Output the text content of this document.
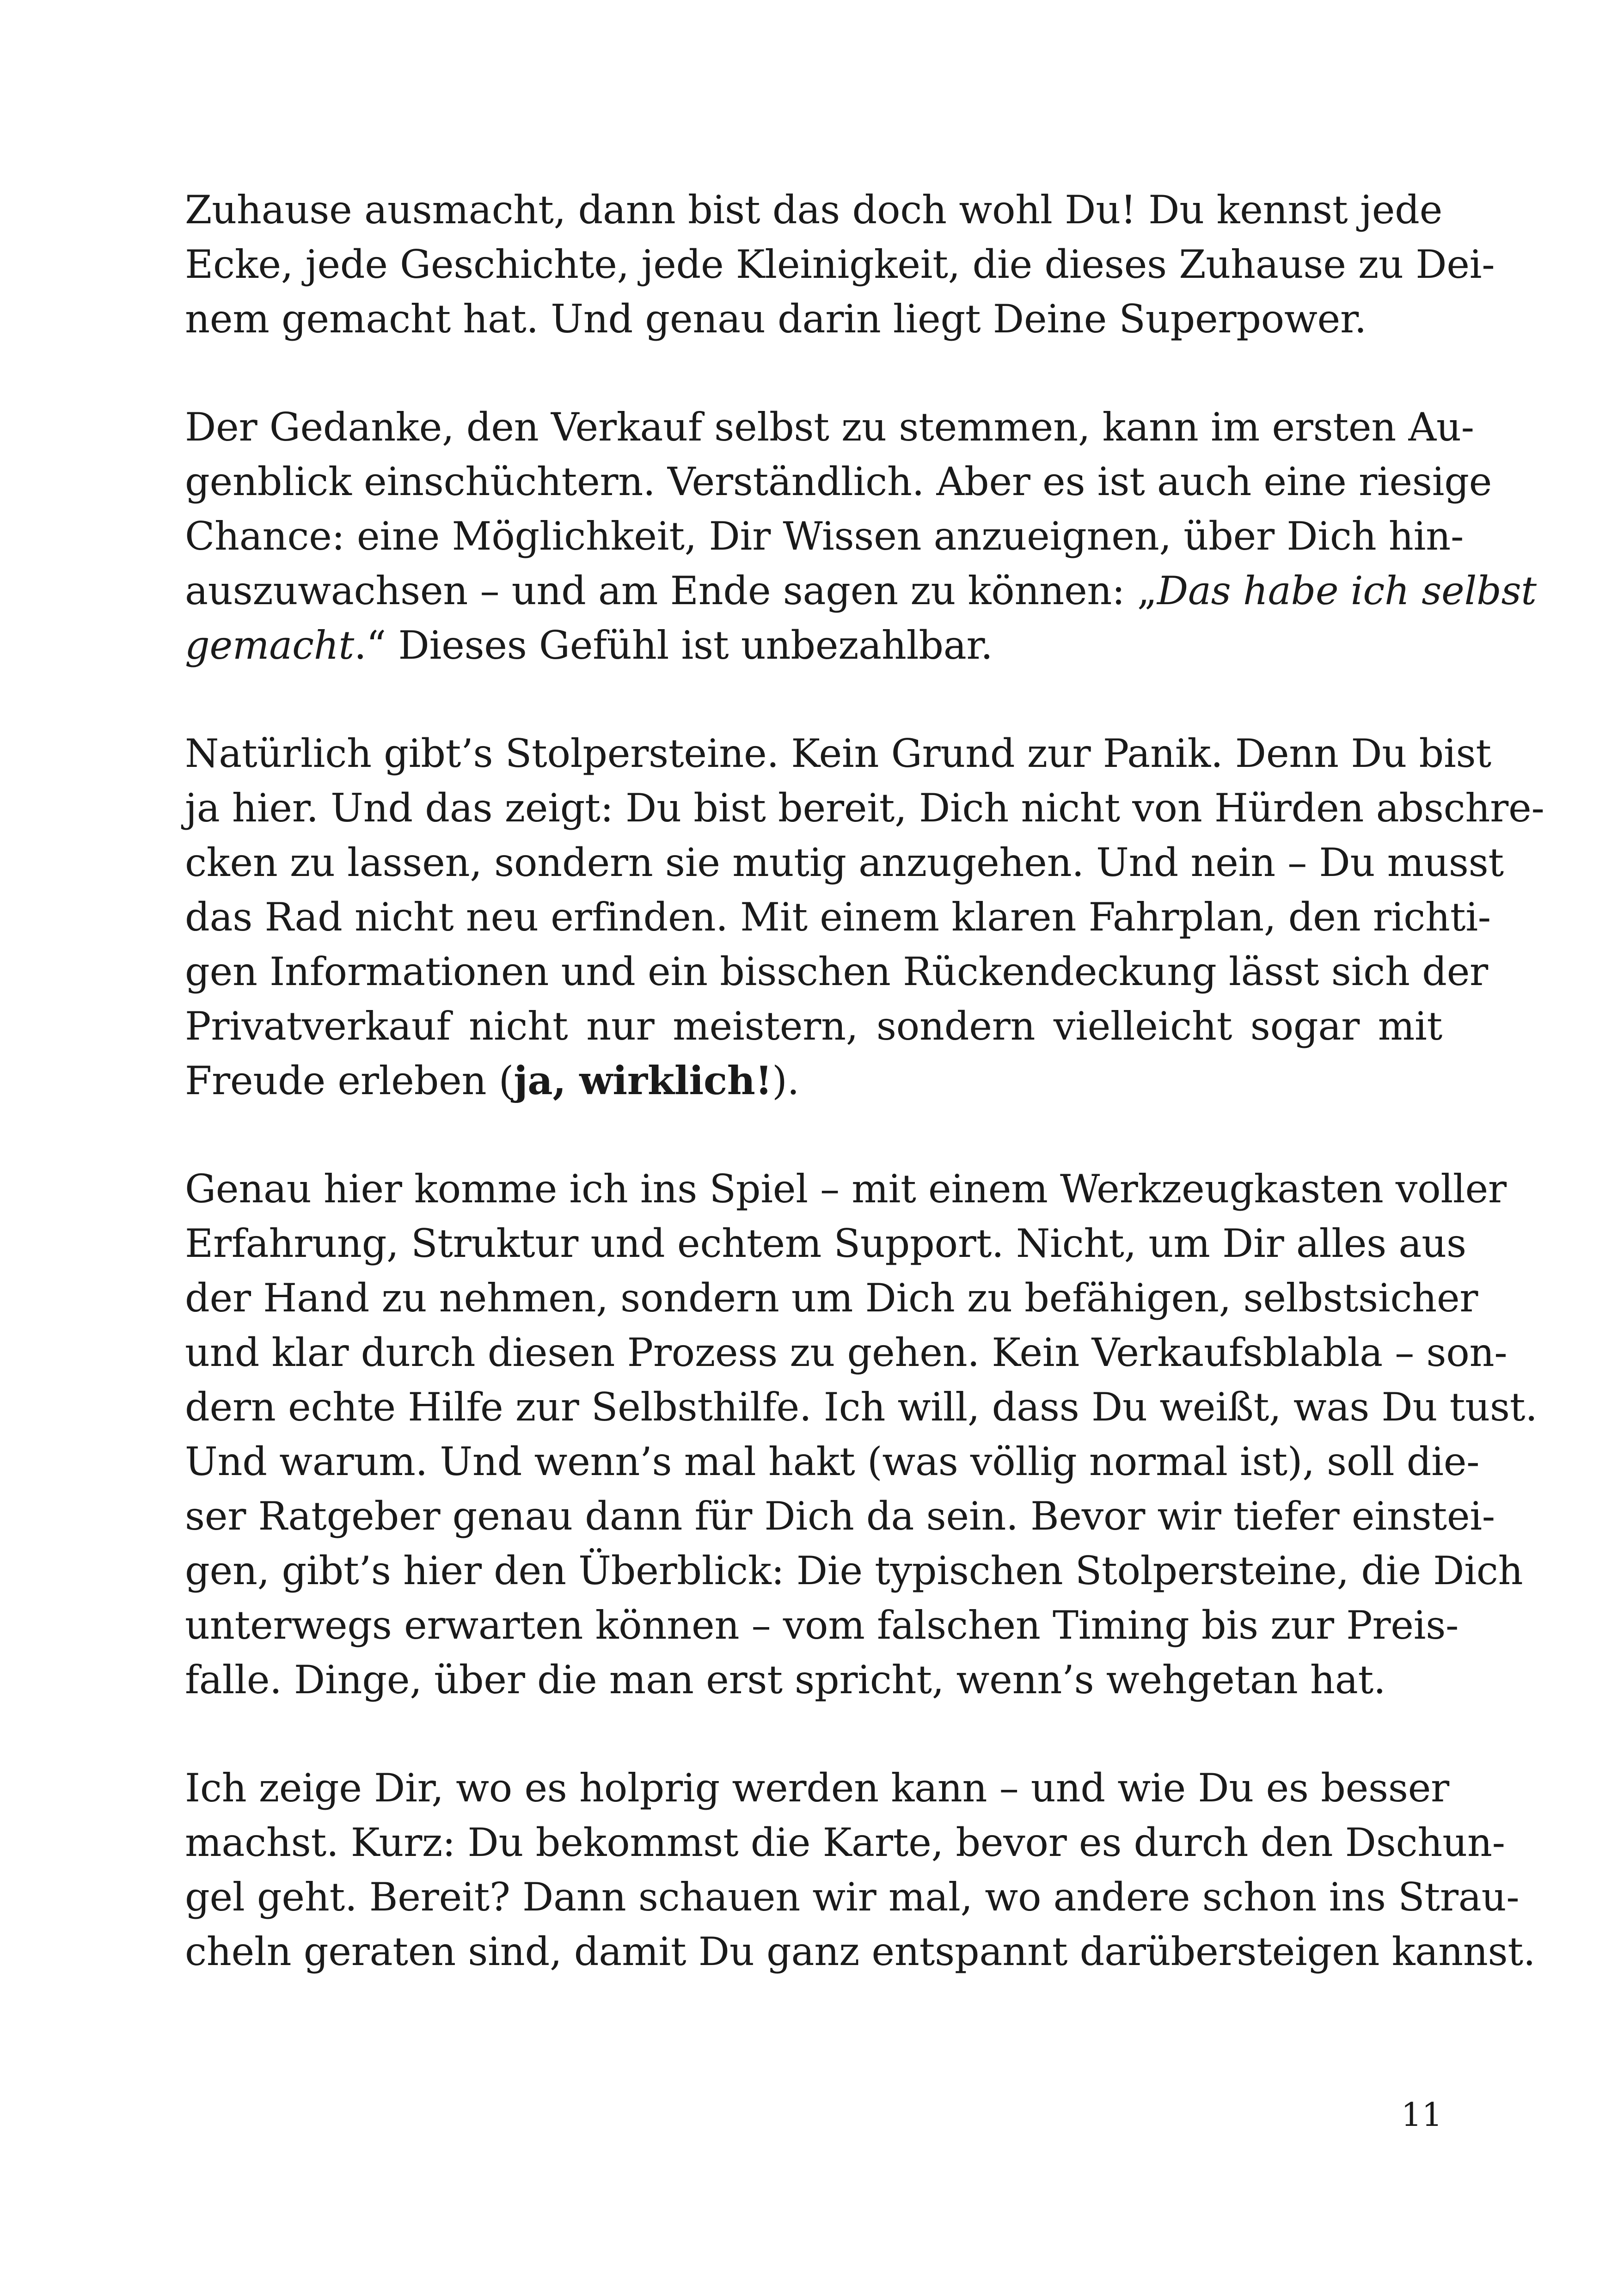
Zuhause ausmacht, dann bist das doch wohl Du! Du kennst jede
Ecke, jede Geschichte, jede Kleinigkeit, die dieses Zuhause zu Dei-
nem gemacht hat. Und genau darin liegt Deine Superpower.
Der Gedanke, den Verkauf selbst zu stemmen, kann im ersten Au-
genblick einschüchtern. Verständlich. Aber es ist auch eine riesige
Chance: eine Möglichkeit, Dir Wissen anzueignen, über Dich hin-
auszuwachsen – und am Ende sagen zu können: „Das habe ich selbst
gemacht.“ Dieses Gefühl ist unbezahlbar.
Natürlich gibt’s Stolpersteine. Kein Grund zur Panik. Denn Du bist
ja hier. Und das zeigt: Du bist bereit, Dich nicht von Hürden abschre-
cken zu lassen, sondern sie mutig anzugehen. Und nein – Du musst
das Rad nicht neu erfinden. Mit einem klaren Fahrplan, den richti-
gen Informationen und ein bisschen Rückendeckung lässt sich der
Privatverkauf nicht nur meistern, sondern vielleicht sogar mit
Freude erleben (ja, wirklich!).
Genau hier komme ich ins Spiel – mit einem Werkzeugkasten voller
Erfahrung, Struktur und echtem Support. Nicht, um Dir alles aus
der Hand zu nehmen, sondern um Dich zu befähigen, selbstsicher
und klar durch diesen Prozess zu gehen. Kein Verkaufsblabla – son-
dern echte Hilfe zur Selbsthilfe. Ich will, dass Du weißt, was Du tust.
Und warum. Und wenn’s mal hakt (was völlig normal ist), soll die-
ser Ratgeber genau dann für Dich da sein. Bevor wir tiefer einstei-
gen, gibt’s hier den Überblick: Die typischen Stolpersteine, die Dich
unterwegs erwarten können – vom falschen Timing bis zur Preis-
falle. Dinge, über die man erst spricht, wenn’s wehgetan hat.
Ich zeige Dir, wo es holprig werden kann – und wie Du es besser
machst. Kurz: Du bekommst die Karte, bevor es durch den Dschun-
gel geht. Bereit? Dann schauen wir mal, wo andere schon ins Strau-
cheln geraten sind, damit Du ganz entspannt darübersteigen kannst.
11
